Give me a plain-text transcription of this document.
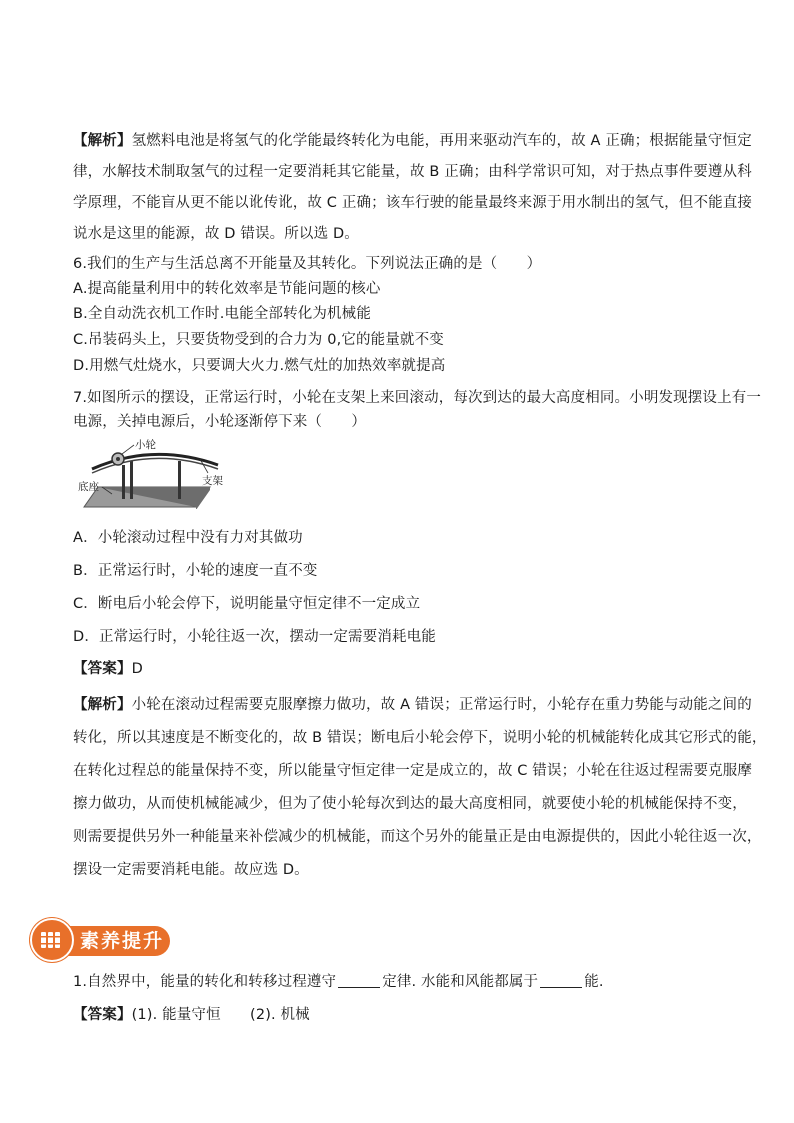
【解析】氢燃料电池是将氢气的化学能最终转化为电能，再用来驱动汽车的，故 A 正确；根据能量守恒定
律，水解技术制取氢气的过程一定要消耗其它能量，故 B 正确；由科学常识可知，对于热点事件要遵从科
学原理，不能盲从更不能以讹传讹，故 C 正确；该车行驶的能量最终来源于用水制出的氢气，但不能直接
说水是这里的能源，故 D 错误。所以选 D。
6.我们的生产与生活总离不开能量及其转化。下列说法正确的是（　　）
A.提高能量利用中的转化效率是节能问题的核心
B.全自动洗衣机工作时.电能全部转化为机械能
C.吊装码头上，只要货物受到的合力为 0,它的能量就不变
D.用燃气灶烧水，只要调大火力.燃气灶的加热效率就提高
7.如图所示的摆设，正常运行时，小轮在支架上来回滚动，每次到达的最大高度相同。小明发现摆设上有一
电源，关掉电源后，小轮逐渐停下来（　　）
小轮
支架
底座
A．小轮滚动过程中没有力对其做功
B．正常运行时，小轮的速度一直不变
C．断电后小轮会停下，说明能量守恒定律不一定成立
D．正常运行时，小轮往返一次，摆动一定需要消耗电能
【答案】D
【解析】小轮在滚动过程需要克服摩擦力做功，故 A 错误；正常运行时，小轮存在重力势能与动能之间的
转化，所以其速度是不断变化的，故 B 错误；断电后小轮会停下，说明小轮的机械能转化成其它形式的能，
在转化过程总的能量保持不变，所以能量守恒定律一定是成立的，故 C 错误；小轮在往返过程需要克服摩
擦力做功，从而使机械能减少，但为了使小轮每次到达的最大高度相同，就要使小轮的机械能保持不变，
则需要提供另外一种能量来补偿减少的机械能，而这个另外的能量正是由电源提供的，因此小轮往返一次，
摆设一定需要消耗电能。故应选 D。
素养提升
1.自然界中，能量的转化和转移过程遵守	定律. 水能和风能都属于	能.
【答案】(1). 能量守恒　　(2). 机械
